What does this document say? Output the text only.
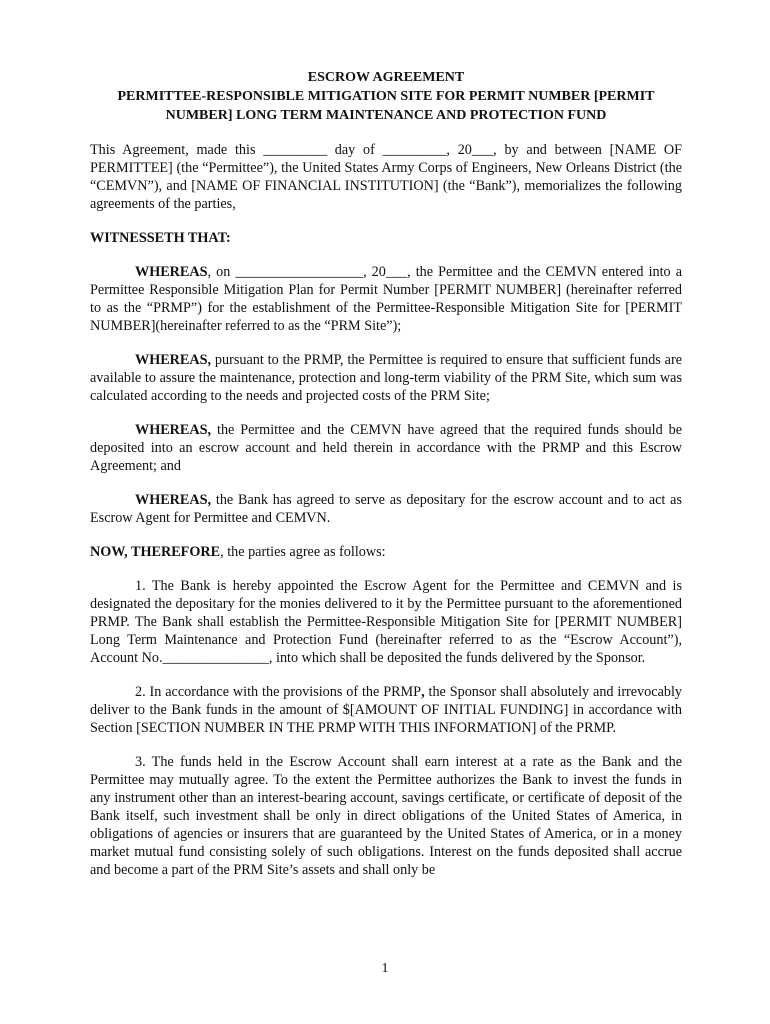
ESCROW AGREEMENT
PERMITTEE-RESPONSIBLE MITIGATION SITE FOR PERMIT NUMBER [PERMIT
NUMBER] LONG TERM MAINTENANCE AND PROTECTION FUND

This Agreement, made this _________ day of _________, 20___, by and between [NAME OF PERMITTEE] (the “Permittee”), the United States Army Corps of Engineers, New Orleans District (the “CEMVN”), and [NAME OF FINANCIAL INSTITUTION] (the “Bank”), memorializes the following agreements of the parties,

WITNESSETH THAT:

WHEREAS, on __________________, 20___, the Permittee and the CEMVN entered into a Permittee Responsible Mitigation Plan for Permit Number [PERMIT NUMBER] (hereinafter referred to as the “PRMP”) for the establishment of the Permittee-Responsible Mitigation Site for [PERMIT NUMBER](hereinafter referred to as the “PRM Site”);

WHEREAS, pursuant to the PRMP, the Permittee is required to ensure that sufficient funds are available to assure the maintenance, protection and long-term viability of the PRM Site, which sum was calculated according to the needs and projected costs of the PRM Site;

WHEREAS, the Permittee and the CEMVN have agreed that the required funds should be deposited into an escrow account and held therein in accordance with the PRMP and this Escrow Agreement; and

WHEREAS, the Bank has agreed to serve as depositary for the escrow account and to act as Escrow Agent for Permittee and CEMVN.

NOW, THEREFORE, the parties agree as follows:

1. The Bank is hereby appointed the Escrow Agent for the Permittee and CEMVN and is designated the depositary for the monies delivered to it by the Permittee pursuant to the aforementioned PRMP. The Bank shall establish the Permittee-Responsible Mitigation Site for [PERMIT NUMBER] Long Term Maintenance and Protection Fund (hereinafter referred to as the “Escrow Account”), Account No._______________, into which shall be deposited the funds delivered by the Sponsor.

2. In accordance with the provisions of the PRMP, the Sponsor shall absolutely and irrevocably deliver to the Bank funds in the amount of $[AMOUNT OF INITIAL FUNDING] in accordance with Section [SECTION NUMBER IN THE PRMP WITH THIS INFORMATION] of the PRMP.

3. The funds held in the Escrow Account shall earn interest at a rate as the Bank and the Permittee may mutually agree. To the extent the Permittee authorizes the Bank to invest the funds in any instrument other than an interest-bearing account, savings certificate, or certificate of deposit of the Bank itself, such investment shall be only in direct obligations of the United States of America, in obligations of agencies or insurers that are guaranteed by the United States of America, or in a money market mutual fund consisting solely of such obligations. Interest on the funds deposited shall accrue and become a part of the PRM Site’s assets and shall only be

1
